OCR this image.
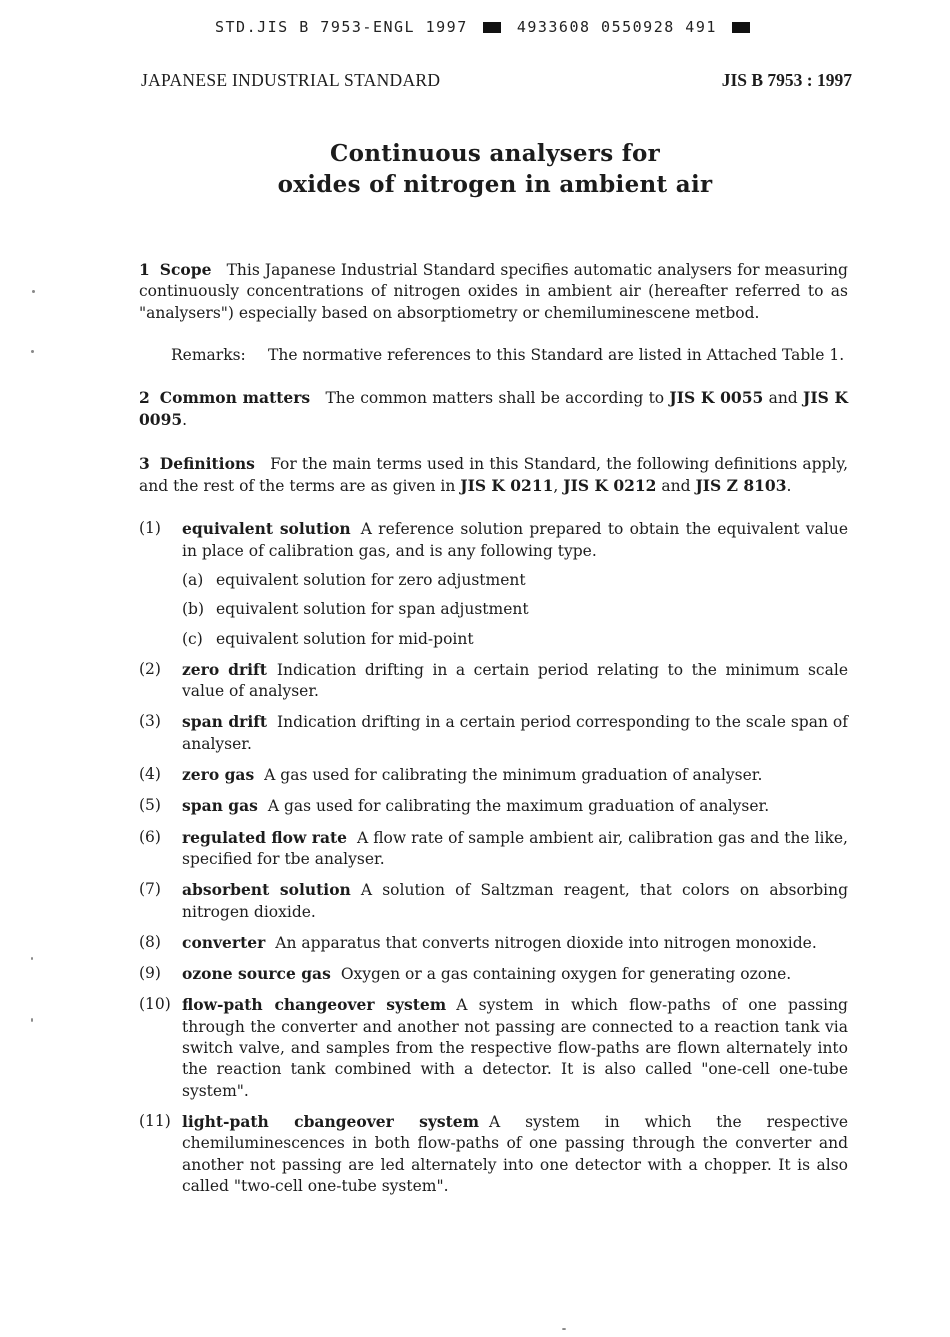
STD.JIS B 7953-ENGL 1997	4933608 0550928 491
JAPANESE INDUSTRIAL STANDARD	JIS B 7953 : 1997
Continuous analysers for
oxides of nitrogen in ambient air

1 Scope This Japanese Industrial Standard specifies automatic analysers for measuring continuously concentrations of nitrogen oxides in ambient air (hereafter referred to as "analysers") especially based on absorptiometry or chemiluminescene metbod.

Remarks:	The normative references to this Standard are listed in Attached Table 1.

2 Common matters The common matters shall be according to JIS K 0055 and JIS K 0095.

3 Definitions For the main terms used in this Standard, the following definitions apply, and the rest of the terms are as given in JIS K 0211, JIS K 0212 and JIS Z 8103.

(1)	equivalent solution A reference solution prepared to obtain the equivalent value in place of calibration gas, and is any following type.
(a) equivalent solution for zero adjustment
(b) equivalent solution for span adjustment
(c) equivalent solution for mid-point
(2)	zero drift Indication drifting in a certain period relating to the minimum scale value of analyser.
(3)	span drift Indication drifting in a certain period corresponding to the scale span of analyser.
(4)	zero gas A gas used for calibrating the minimum graduation of analyser.
(5)	span gas A gas used for calibrating the maximum graduation of analyser.
(6)	regulated flow rate A flow rate of sample ambient air, calibration gas and the like, specified for tbe analyser.
(7)	absorbent solution A solution of Saltzman reagent, that colors on absorbing nitrogen dioxide.
(8)	converter An apparatus that converts nitrogen dioxide into nitrogen monoxide.
(9)	ozone source gas Oxygen or a gas containing oxygen for generating ozone.
(10) flow-path changeover system A system in which flow-paths of one passing through the converter and another not passing are connected to a reaction tank via switch valve, and samples from the respective flow-paths are flown alternately into the reaction tank combined with a detector. It is also called "one-cell one-tube system".
(11) light-path cbangeover system A system in which the respective chemiluminescences in both flow-paths of one passing through the converter and another not passing are led alternately into one detector with a chopper. It is also called "two-cell one-tube system".
